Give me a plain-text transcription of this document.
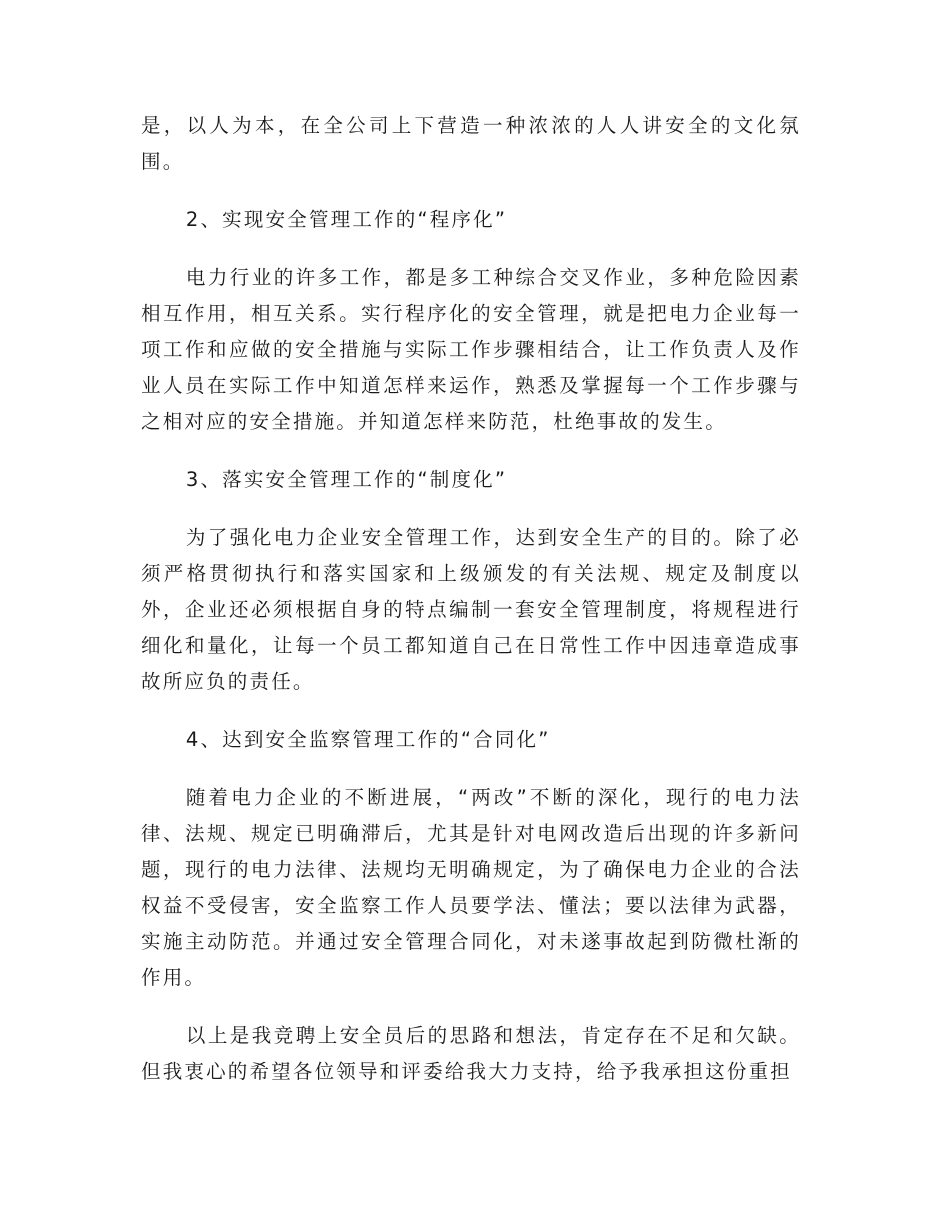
是，以人为本，在全公司上下营造一种浓浓的人人讲安全的文化氛围。

2、实现安全管理工作的“程序化”

电力行业的许多工作，都是多工种综合交叉作业，多种危险因素相互作用，相互关系。实行程序化的安全管理，就是把电力企业每一项工作和应做的安全措施与实际工作步骤相结合，让工作负责人及作业人员在实际工作中知道怎样来运作，熟悉及掌握每一个工作步骤与之相对应的安全措施。并知道怎样来防范，杜绝事故的发生。

3、落实安全管理工作的“制度化”

为了强化电力企业安全管理工作，达到安全生产的目的。除了必须严格贯彻执行和落实国家和上级颁发的有关法规、规定及制度以外，企业还必须根据自身的特点编制一套安全管理制度，将规程进行细化和量化，让每一个员工都知道自己在日常性工作中因违章造成事故所应负的责任。

4、达到安全监察管理工作的“合同化”

随着电力企业的不断进展，“两改”不断的深化，现行的电力法律、法规、规定已明确滞后，尤其是针对电网改造后出现的许多新问题，现行的电力法律、法规均无明确规定，为了确保电力企业的合法权益不受侵害，安全监察工作人员要学法、懂法；要以法律为武器，实施主动防范。并通过安全管理合同化，对未遂事故起到防微杜渐的作用。

以上是我竞聘上安全员后的思路和想法，肯定存在不足和欠缺。但我衷心的希望各位领导和评委给我大力支持，给予我承担这份重担
